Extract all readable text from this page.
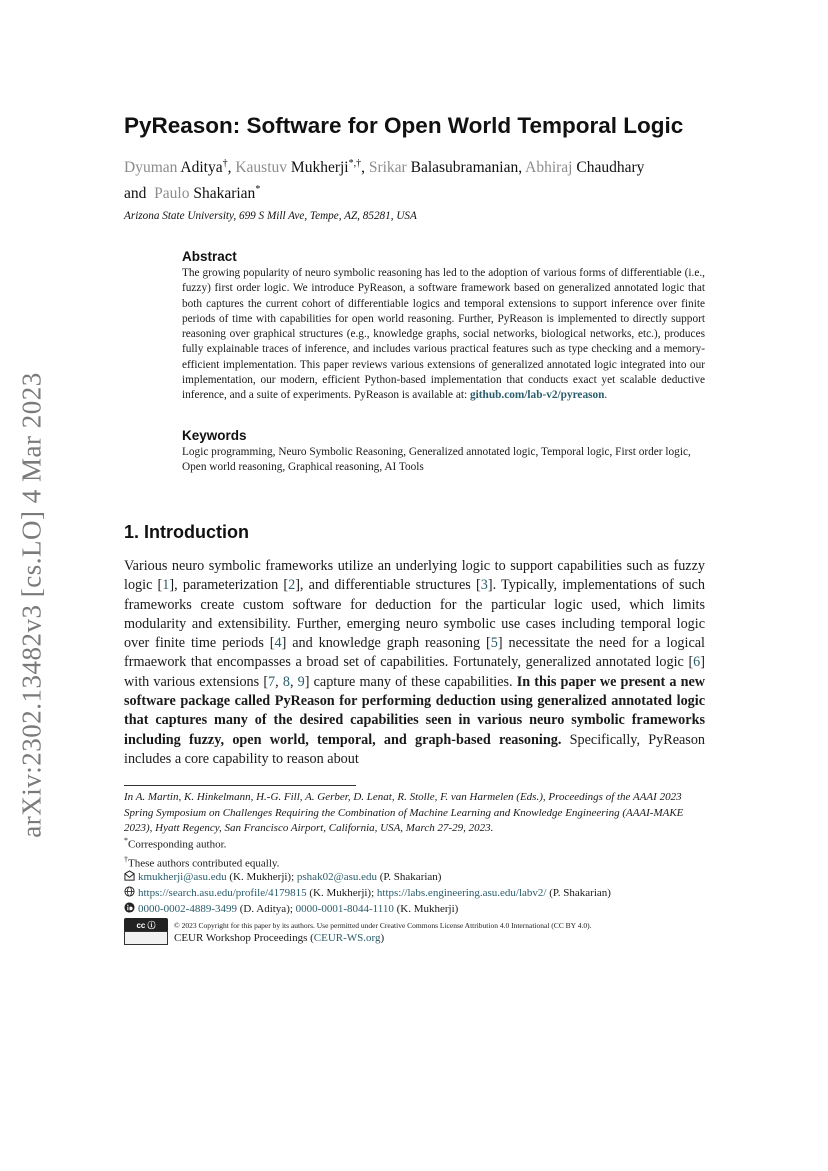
arXiv:2302.13482v3 [cs.LO] 4 Mar 2023
PyReason: Software for Open World Temporal Logic
Dyuman Aditya†, Kaustuv Mukherji*,†, Srikar Balasubramanian, Abhiraj Chaudhary
and Paulo Shakarian*
Arizona State University, 699 S Mill Ave, Tempe, AZ, 85281, USA
Abstract

The growing popularity of neuro symbolic reasoning has led to the adoption of various forms of differentiable (i.e., fuzzy) first order logic. We introduce PyReason, a software framework based on generalized annotated logic that both captures the current cohort of differentiable logics and temporal extensions to support inference over finite periods of time with capabilities for open world reasoning. Further, PyReason is implemented to directly support reasoning over graphical structures (e.g., knowledge graphs, social networks, biological networks, etc.), produces fully explainable traces of inference, and includes various practical features such as type checking and a memory-efficient implementation. This paper reviews various extensions of generalized annotated logic integrated into our implementation, our modern, efficient Python-based implementation that conducts exact yet scalable deductive inference, and a suite of experiments. PyReason is available at: github.com/lab-v2/pyreason.

Keywords

Logic programming, Neuro Symbolic Reasoning, Generalized annotated logic, Temporal logic, First order logic, Open world reasoning, Graphical reasoning, AI Tools

1. Introduction

Various neuro symbolic frameworks utilize an underlying logic to support capabilities such as fuzzy logic [1], parameterization [2], and differentiable structures [3]. Typically, implementations of such frameworks create custom software for deduction for the particular logic used, which limits modularity and extensibility. Further, emerging neuro symbolic use cases including temporal logic over finite time periods [4] and knowledge graph reasoning [5] necessitate the need for a logical frmaework that encompasses a broad set of capabilities. Fortunately, generalized annotated logic [6] with various extensions [7, 8, 9] capture many of these capabilities. In this paper we present a new software package called PyReason for performing deduction using generalized annotated logic that captures many of the desired capabilities seen in various neuro symbolic frameworks including fuzzy, open world, temporal, and graph-based reasoning. Specifically, PyReason includes a core capability to reason about

In A. Martin, K. Hinkelmann, H.-G. Fill, A. Gerber, D. Lenat, R. Stolle, F. van Harmelen (Eds.), Proceedings of the AAAI 2023 Spring Symposium on Challenges Requiring the Combination of Machine Learning and Knowledge Engineering (AAAI-MAKE 2023), Hyatt Regency, San Francisco Airport, California, USA, March 27-29, 2023.
*Corresponding author.
†These authors contributed equally.
kmukherji@asu.edu (K. Mukherji); pshak02@asu.edu (P. Shakarian)
https://search.asu.edu/profile/4179815 (K. Mukherji); https://labs.engineering.asu.edu/labv2/ (P. Shakarian)
0000-0002-4889-3499 (D. Aditya); 0000-0001-8044-1110 (K. Mukherji)
cc ⓘ © 2023 Copyright for this paper by its authors. Use permitted under Creative Commons License Attribution 4.0 International (CC BY 4.0).
CEUR Workshop Proceedings (CEUR-WS.org)
